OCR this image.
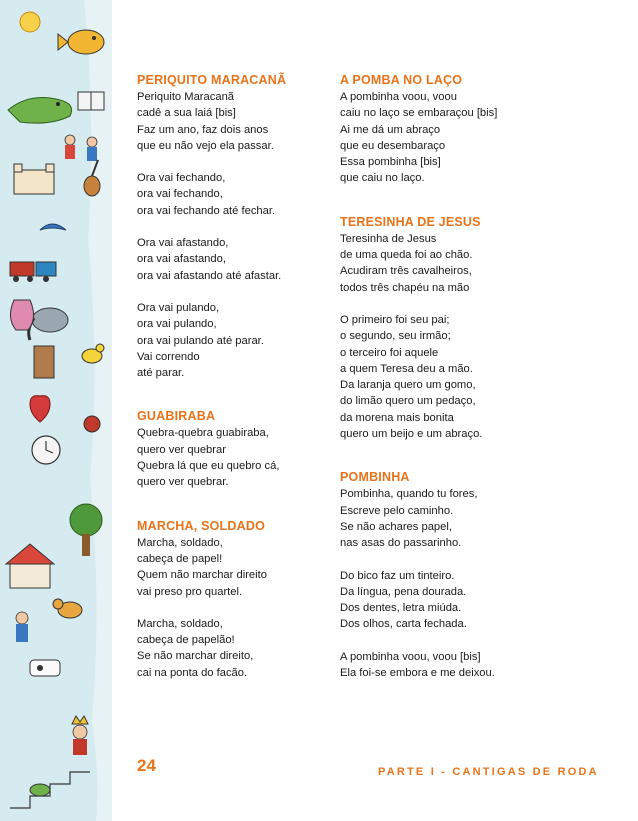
PERIQUITO MARACANÃ
Periquito Maracanã
cadê a sua laiá [bis]
Faz um ano, faz dois anos
que eu não vejo ela passar.
Ora vai fechando,
ora vai fechando,
ora vai fechando até fechar.
Ora vai afastando,
ora vai afastando,
ora vai afastando até afastar.
Ora vai pulando,
ora vai pulando,
ora vai pulando até parar.
Vai correndo
até parar.
GUABIRABA
Quebra-quebra guabiraba,
quero ver quebrar
Quebra lá que eu quebro cá,
quero ver quebrar.
MARCHA, SOLDADO
Marcha, soldado,
cabeça de papel!
Quem não marchar direito
vai preso pro quartel.
Marcha, soldado,
cabeça de papelão!
Se não marchar direito,
cai na ponta do facão.
A POMBA NO LAÇO
A pombinha voou, voou
caiu no laço se embaraçou [bis]
Ai me dá um abraço
que eu desembaraço
Essa pombinha [bis]
que caiu no laço.
TERESINHA DE JESUS
Teresinha de Jesus
de uma queda foi ao chão.
Acudiram três cavalheiros,
todos três chapéu na mão
O primeiro foi seu pai;
o segundo, seu irmão;
o terceiro foi aquele
a quem Teresa deu a mão.
Da laranja quero um gomo,
do limão quero um pedaço,
da morena mais bonita
quero um beijo e um abraço.
POMBINHA
Pombinha, quando tu fores,
Escreve pelo caminho.
Se não achares papel,
nas asas do passarinho.
Do bico faz um tinteiro.
Da língua, pena dourada.
Dos dentes, letra miúda.
Dos olhos, carta fechada.
A pombinha voou, voou [bis]
Ela foi-se embora e me deixou.
24	PARTE I - CANTIGAS DE RODA
